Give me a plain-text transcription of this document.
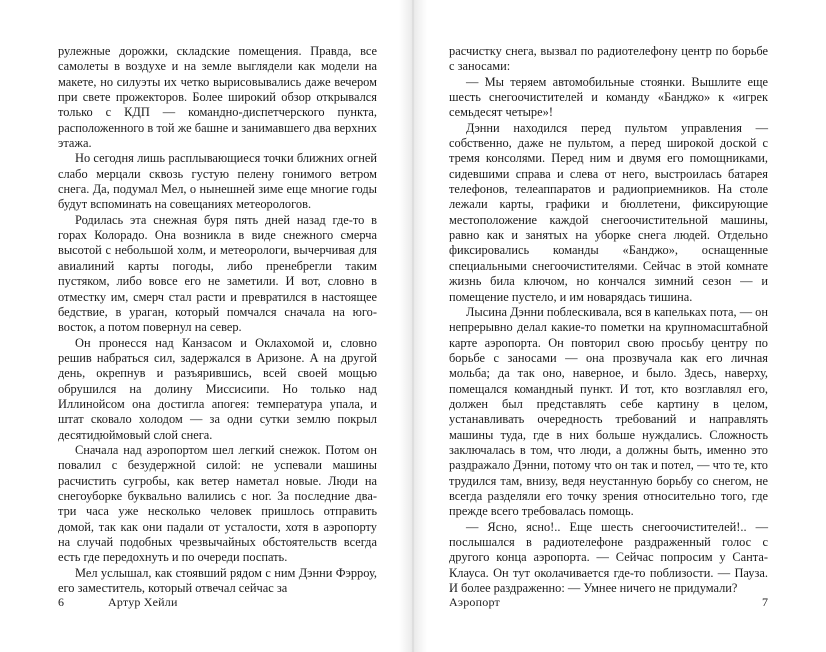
рулежные дорожки, складские помещения. Правда, все самолеты в воздухе и на земле выглядели как модели на макете, но силуэты их четко вырисовывались даже вечером при свете прожекторов. Более широкий обзор открывался только с КДП — командно-диспетчерского пункта, расположенного в той же башне и занимавшего два верхних этажа.

Но сегодня лишь расплывающиеся точки ближних огней слабо мерцали сквозь густую пелену гонимого ветром снега. Да, подумал Мел, о нынешней зиме еще многие годы будут вспоминать на совещаниях метеорологов.

Родилась эта снежная буря пять дней назад где-то в горах Колорадо. Она возникла в виде снежного смерча высотой с небольшой холм, и метеорологи, вычерчивая для авиалиний карты погоды, либо пренебрегли таким пустяком, либо вовсе его не заметили. И вот, словно в отместку им, смерч стал расти и превратился в настоящее бедствие, в ураган, который помчался сначала на юго-восток, а потом повернул на север.

Он пронесся над Канзасом и Оклахомой и, словно решив набраться сил, задержался в Аризоне. А на другой день, окрепнув и разъярившись, всей своей мощью обрушился на долину Миссисипи. Но только над Иллинойсом она достигла апогея: температура упала, и штат сковало холодом — за одни сутки землю покрыл десятидюймовый слой снега.

Сначала над аэропортом шел легкий снежок. Потом он повалил с безудержной силой: не успевали машины расчистить сугробы, как ветер наметал новые. Люди на снегоуборке буквально валились с ног. За последние два-три часа уже несколько человек пришлось отправить домой, так как они падали от усталости, хотя в аэропорту на случай подобных чрезвычайных обстоятельств всегда есть где передохнуть и по очереди поспать.

Мел услышал, как стоявший рядом с ним Дэнни Фэрроу, его заместитель, который отвечал сейчас за

6	Артур Хейли

расчистку снега, вызвал по радиотелефону центр по борьбе с заносами:

— Мы теряем автомобильные стоянки. Вышлите еще шесть снегоочистителей и команду «Банджо» к «игрек семьдесят четыре»!

Дэнни находился перед пультом управления — собственно, даже не пультом, а перед широкой доской с тремя консолями. Перед ним и двумя его помощниками, сидевшими справа и слева от него, выстроилась батарея телефонов, телеаппаратов и радиоприемников. На столе лежали карты, графики и бюллетени, фиксирующие местоположение каждой снегоочистительной машины, равно как и занятых на уборке снега людей. Отдельно фиксировались команды «Банджо», оснащенные специальными снегоочистителями. Сейчас в этой комнате жизнь била ключом, но кончался зимний сезон — и помещение пустело, и им новарядась тишина.

Лысина Дэнни поблескивала, вся в капельках пота, — он непрерывно делал какие-то пометки на крупномасштабной карте аэропорта. Он повторил свою просьбу центру по борьбе с заносами — она прозвучала как его личная мольба; да так оно, наверное, и было. Здесь, наверху, помещался командный пункт. И тот, кто возглавлял его, должен был представлять себе картину в целом, устанавливать очередность требований и направлять машины туда, где в них больше нуждались. Сложность заключалась в том, что люди, а должны быть, именно это раздражало Дэнни, потому что он так и потел, — что те, кто трудился там, внизу, ведя неустанную борьбу со снегом, не всегда разделяли его точку зрения относительно того, где прежде всего требовалась помощь.

— Ясно, ясно!.. Еще шесть снегоочистителей!.. — послышался в радиотелефоне раздраженный голос с другого конца аэропорта. — Сейчас попросим у Санта-Клауса. Он тут околачивается где-то поблизости. — Пауза. И более раздраженно: — Умнее ничего не придумали?

Аэропорт	7
